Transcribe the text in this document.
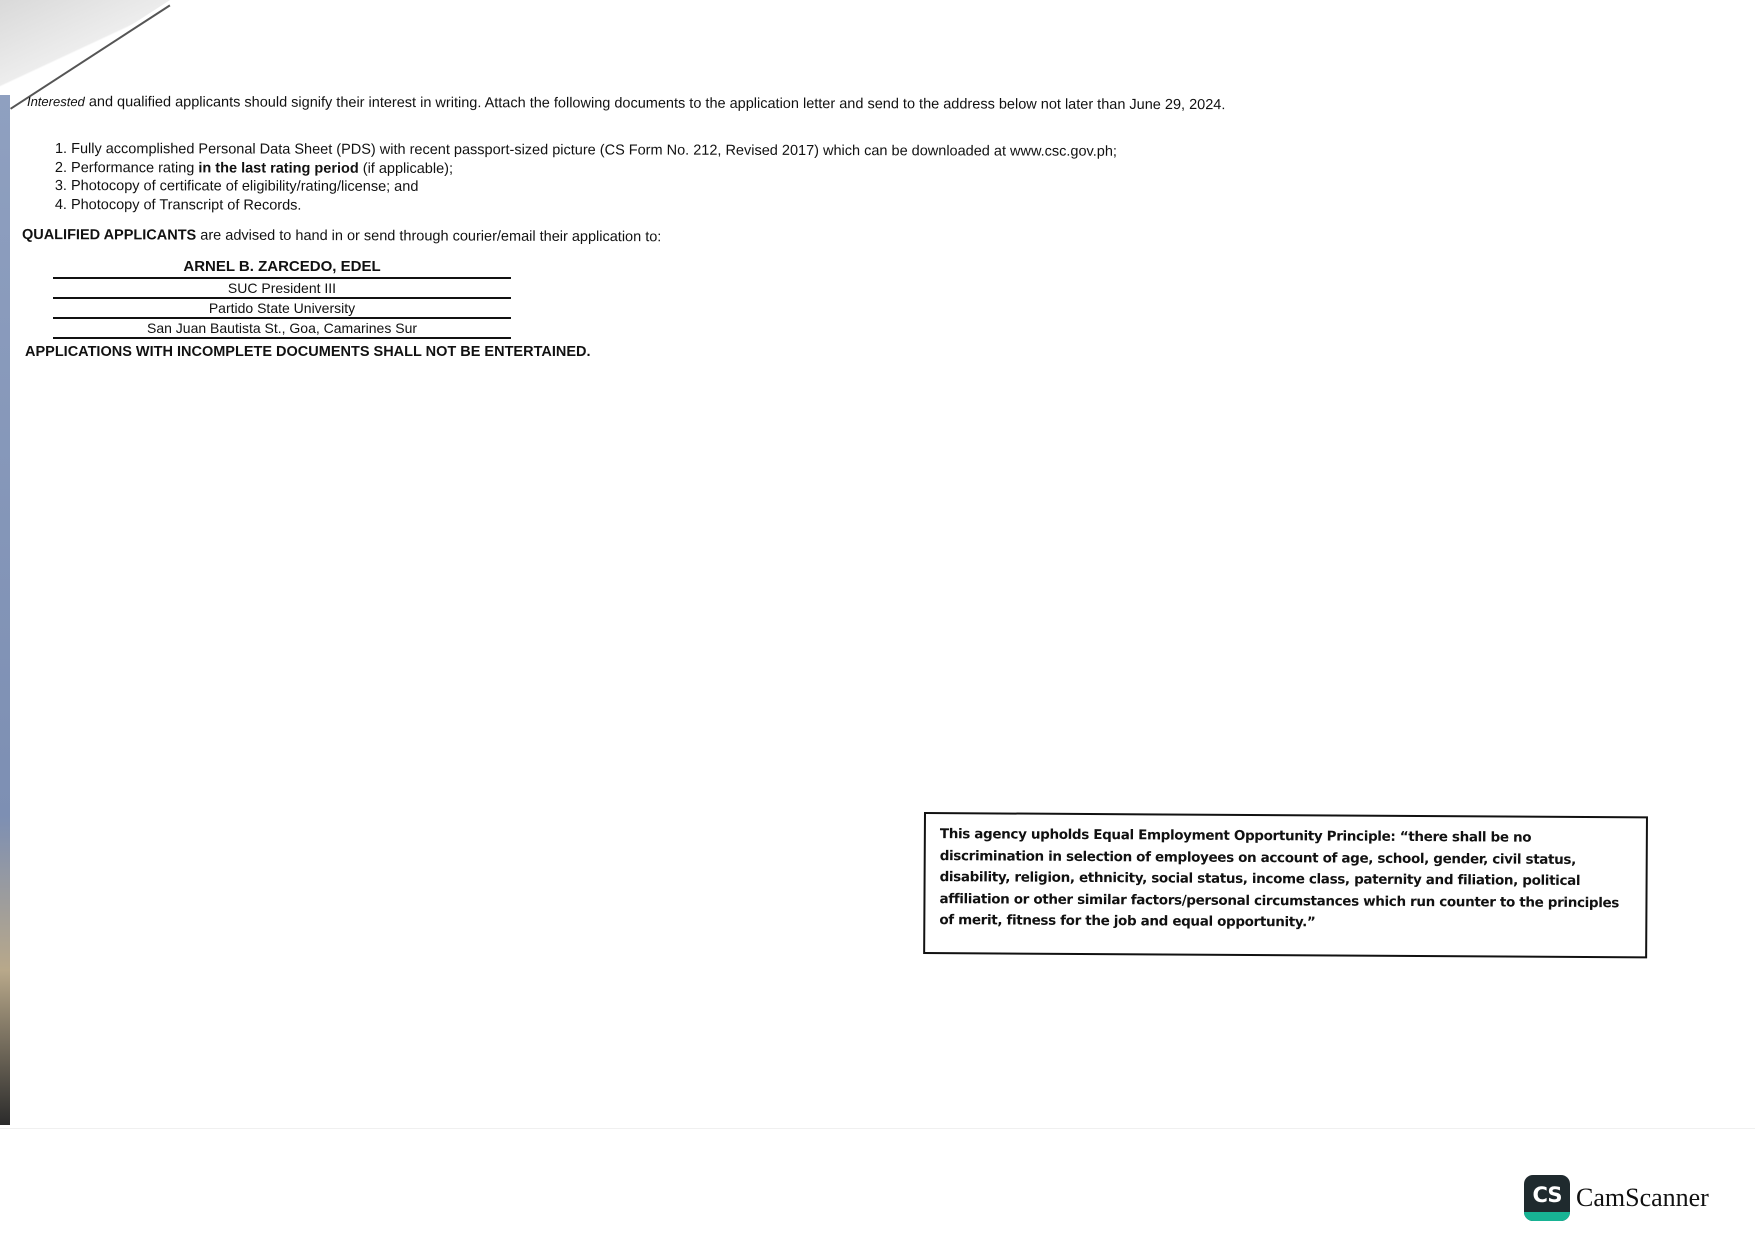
Interested and qualified applicants should signify their interest in writing. Attach the following documents to the application letter and send to the address below not later than June 29, 2024.
1. Fully accomplished Personal Data Sheet (PDS) with recent passport-sized picture (CS Form No. 212, Revised 2017) which can be downloaded at www.csc.gov.ph;
2. Performance rating in the last rating period (if applicable);
3. Photocopy of certificate of eligibility/rating/license; and
4. Photocopy of Transcript of Records.
QUALIFIED APPLICANTS are advised to hand in or send through courier/email their application to:
ARNEL B. ZARCEDO, EDEL
SUC President III
Partido State University
San Juan Bautista St., Goa, Camarines Sur
APPLICATIONS WITH INCOMPLETE DOCUMENTS SHALL NOT BE ENTERTAINED.
This agency upholds Equal Employment Opportunity Principle: “there shall be no discrimination in selection of employees on account of age, school, gender, civil status, disability, religion, ethnicity, social status, income class, paternity and filiation, political affiliation or other similar factors/personal circumstances which run counter to the principles of merit, fitness for the job and equal opportunity.”
CS CamScanner
